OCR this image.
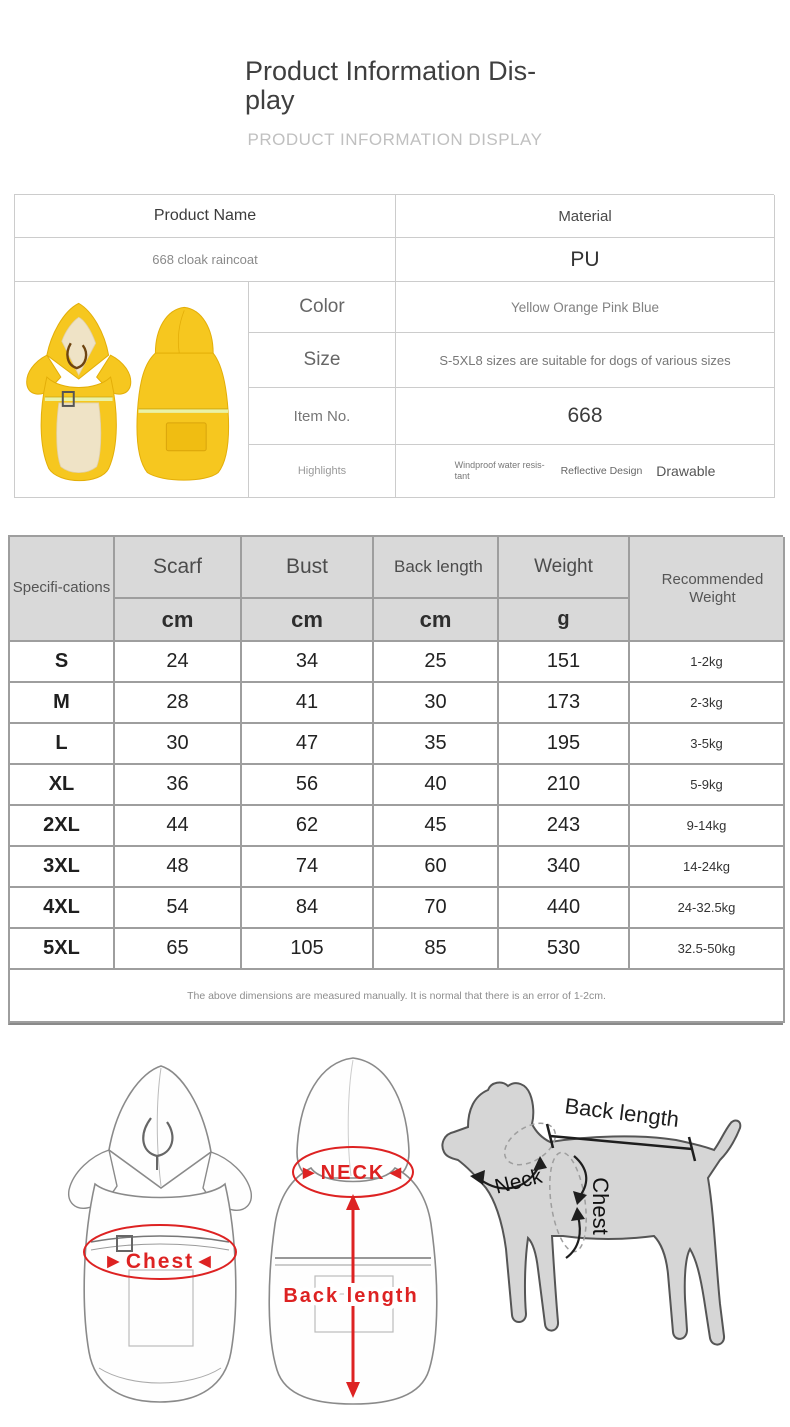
Product Information Dis-
play
PRODUCT INFORMATION DISPLAY
Product Name	Material
668 cloak raincoat	PU
Color	Yellow Orange Pink Blue
Size	S-5XL8 sizes are suitable for dogs of various sizes
Item No.	668
Highlights
Windproof water resis-tant	Reflective Design Drawable
Specifi-cations
Scarf	Bust	Back length	Weight
Recommended Weight
cm	cm	cm	g
S	24	34	25	151	1-2kg
M	28	41	30	173	2-3kg
L	30	47	35	195	3-5kg
XL	36	56	40	210	5-9kg
2XL	44	62	45	243	9-14kg
3XL	48	74	60	340	14-24kg
4XL	54	84	70	440	24-32.5kg
5XL	65	105	85	530	32.5-50kg
The above dimensions are measured manually. It is normal that there is an error of 1-2cm.
►Chest◄
►NECK◄
Back length
Back length
Neck Chest
